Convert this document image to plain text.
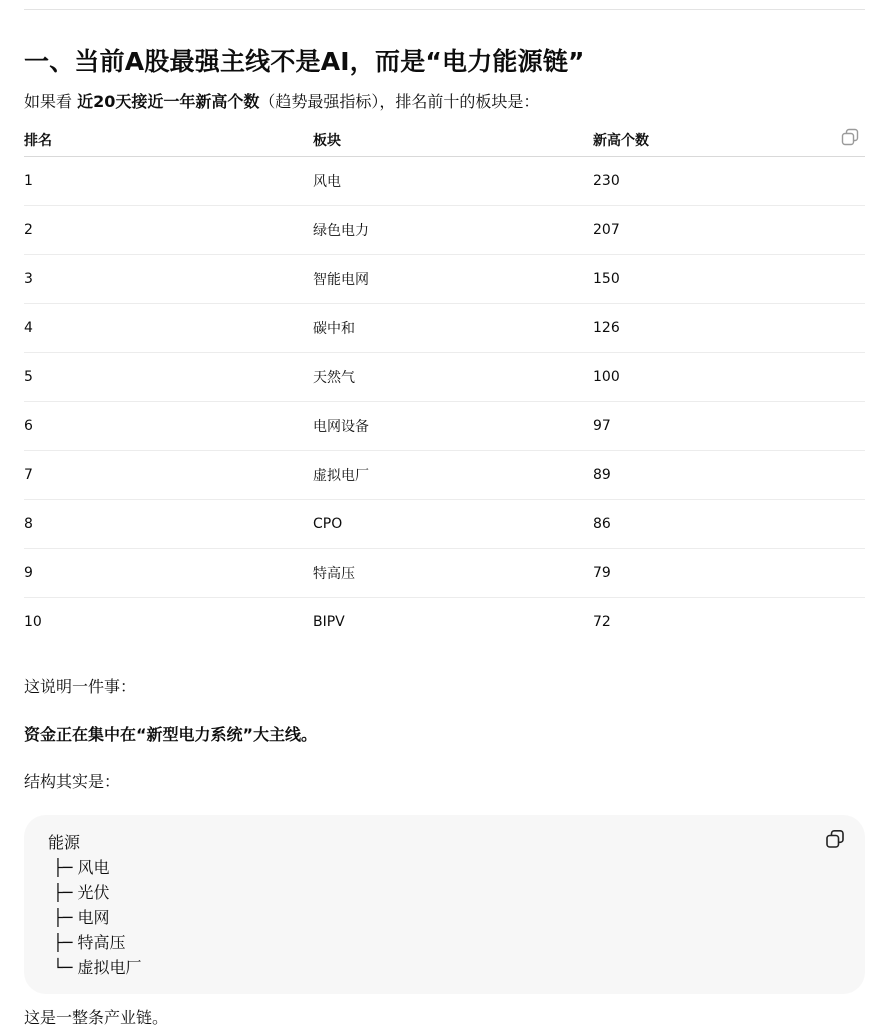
一、当前A股最强主线不是AI，而是“电力能源链”

如果看 近20天接近一年新高个数（趋势最强指标），排名前十的板块是：

排名	板块	新高个数
1	风电	230
2	绿色电力	207
3	智能电网	150
4	碳中和	126
5	天然气	100
6	电网设备	97
7	虚拟电厂	89
8	CPO	86
9	特高压	79
10	BIPV	72

这说明一件事：

资金正在集中在“新型电力系统”大主线。

结构其实是：

能源
├─ 风电
├─ 光伏
├─ 电网
├─ 特高压
└─ 虚拟电厂

这是一整条产业链。
